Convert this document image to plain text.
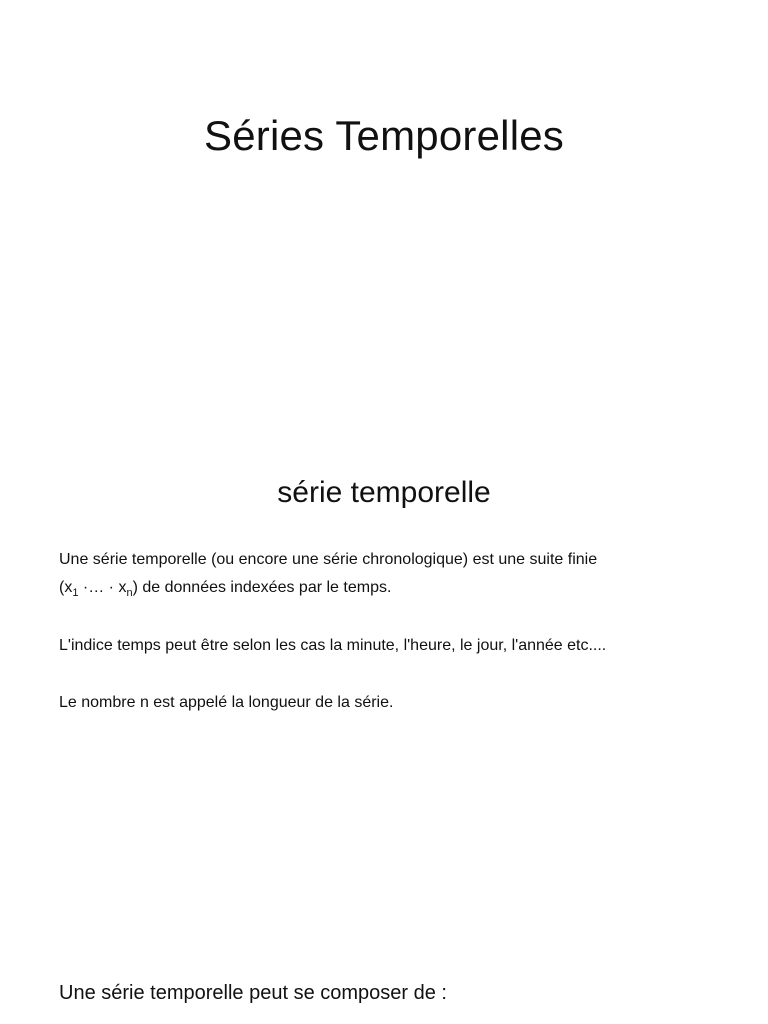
Séries Temporelles
série temporelle

Une série temporelle (ou encore une série chronologique) est une suite finie
($x_1$ ·… · $x_n$) de données indexées par le temps.

L'indice temps peut être selon les cas la minute, l'heure, le jour, l'année etc....

Le nombre n est appelé la longueur de la série.

Une série temporelle peut se composer de :
